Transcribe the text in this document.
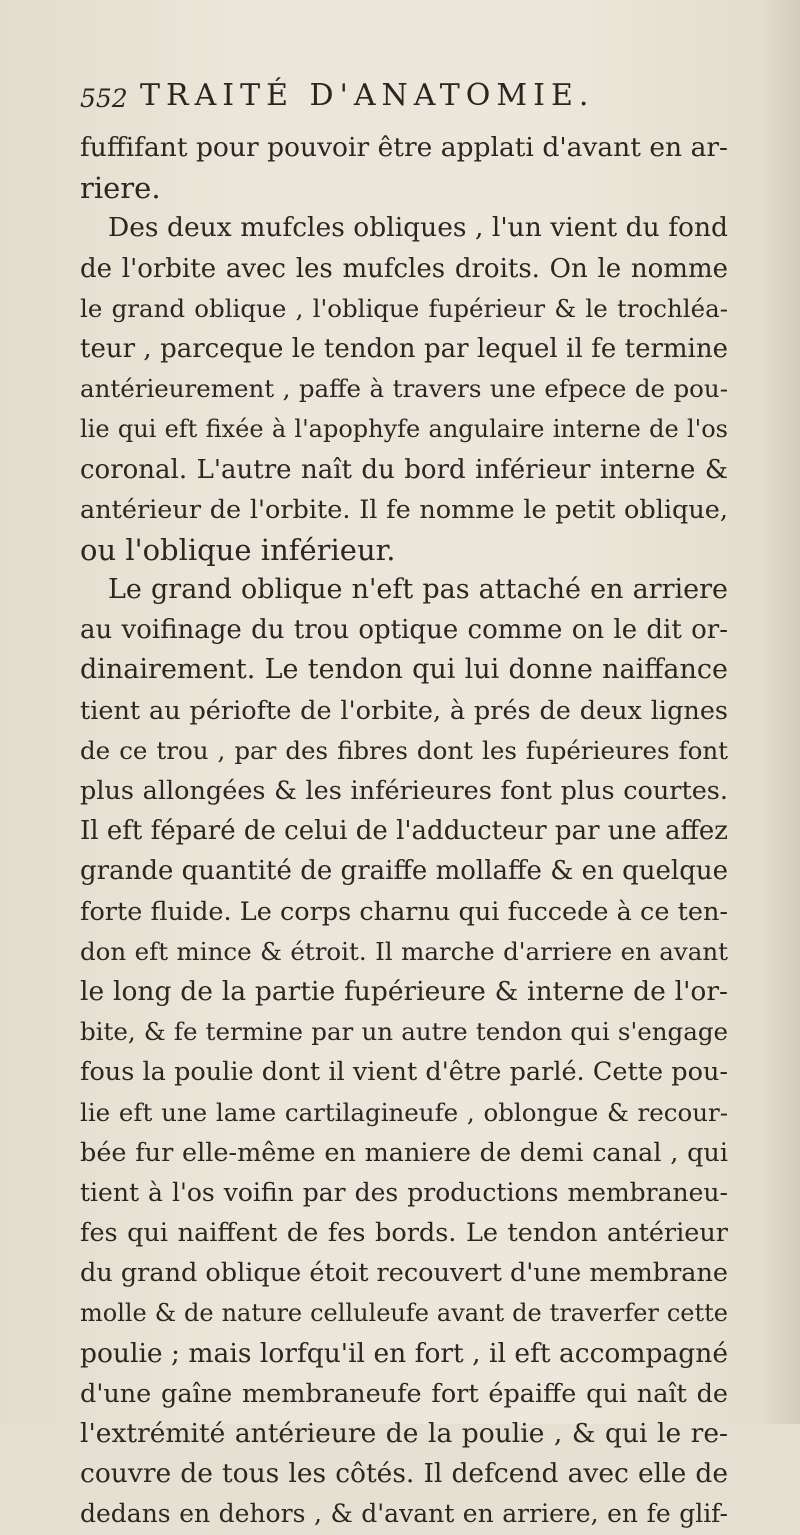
552 TRAITÉ D'ANATOMIE.
fuffifant pour pouvoir être applati d'avant en ar-
riere.
Des deux mufcles obliques , l'un vient du fond
de l'orbite avec les mufcles droits. On le nomme
le grand oblique , l'oblique fupérieur & le trochléa-
teur , parceque le tendon par lequel il fe termine
antérieurement , paffe à travers une efpece de pou-
lie qui eft fixée à l'apophyfe angulaire interne de l'os
coronal. L'autre naît du bord inférieur interne &
antérieur de l'orbite. Il fe nomme le petit oblique,
ou l'oblique inférieur.
Le grand oblique n'eft pas attaché en arriere
au voifinage du trou optique comme on le dit or-
dinairement. Le tendon qui lui donne naiffance
tient au périofte de l'orbite, à prés de deux lignes
de ce trou , par des fibres dont les fupérieures font
plus allongées & les inférieures font plus courtes.
Il eft féparé de celui de l'adducteur par une affez
grande quantité de graiffe mollaffe & en quelque
forte fluide. Le corps charnu qui fuccede à ce ten-
don eft mince & étroit. Il marche d'arriere en avant
le long de la partie fupérieure & interne de l'or-
bite, & fe termine par un autre tendon qui s'engage
fous la poulie dont il vient d'être parlé. Cette pou-
lie eft une lame cartilagineufe , oblongue & recour-
bée fur elle-même en maniere de demi canal , qui
tient à l'os voifin par des productions membraneu-
fes qui naiffent de fes bords. Le tendon antérieur
du grand oblique étoit recouvert d'une membrane
molle & de nature celluleufe avant de traverfer cette
poulie ; mais lorfqu'il en fort , il eft accompagné
d'une gaîne membraneufe fort épaiffe qui naît de
l'extrémité antérieure de la poulie , & qui le re-
couvre de tous les côtés. Il defcend avec elle de
dedans en dehors , & d'avant en arriere, en fe glif-
